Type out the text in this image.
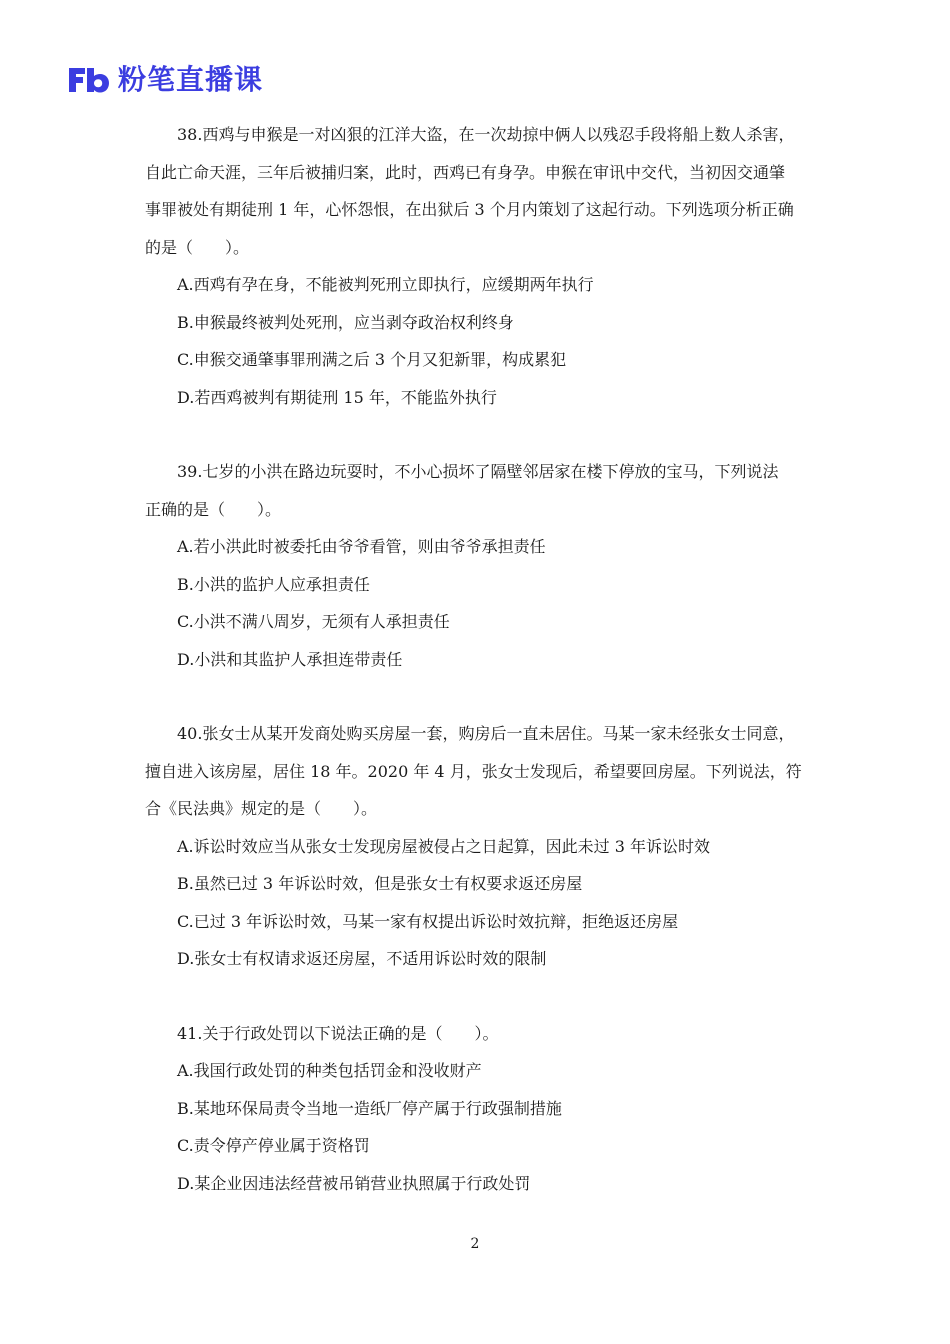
粉笔直播课
38.西鸡与申猴是一对凶狠的江洋大盗，在一次劫掠中俩人以残忍手段将船上数人杀害，
自此亡命天涯，三年后被捕归案，此时，西鸡已有身孕。申猴在审讯中交代，当初因交通肇
事罪被处有期徒刑 1 年，心怀怨恨，在出狱后 3 个月内策划了这起行动。下列选项分析正确
的是（　　）。
A.西鸡有孕在身，不能被判死刑立即执行，应缓期两年执行
B.申猴最终被判处死刑，应当剥夺政治权利终身
C.申猴交通肇事罪刑满之后 3 个月又犯新罪，构成累犯
D.若西鸡被判有期徒刑 15 年，不能监外执行
39.七岁的小洪在路边玩耍时，不小心损坏了隔壁邻居家在楼下停放的宝马，下列说法
正确的是（　　）。
A.若小洪此时被委托由爷爷看管，则由爷爷承担责任
B.小洪的监护人应承担责任
C.小洪不满八周岁，无须有人承担责任
D.小洪和其监护人承担连带责任
40.张女士从某开发商处购买房屋一套，购房后一直未居住。马某一家未经张女士同意，
擅自进入该房屋，居住 18 年。2020 年 4 月，张女士发现后，希望要回房屋。下列说法，符
合《民法典》规定的是（　　）。
A.诉讼时效应当从张女士发现房屋被侵占之日起算，因此未过 3 年诉讼时效
B.虽然已过 3 年诉讼时效，但是张女士有权要求返还房屋
C.已过 3 年诉讼时效，马某一家有权提出诉讼时效抗辩，拒绝返还房屋
D.张女士有权请求返还房屋，不适用诉讼时效的限制
41.关于行政处罚以下说法正确的是（　　）。
A.我国行政处罚的种类包括罚金和没收财产
B.某地环保局责令当地一造纸厂停产属于行政强制措施
C.责令停产停业属于资格罚
D.某企业因违法经营被吊销营业执照属于行政处罚
2
